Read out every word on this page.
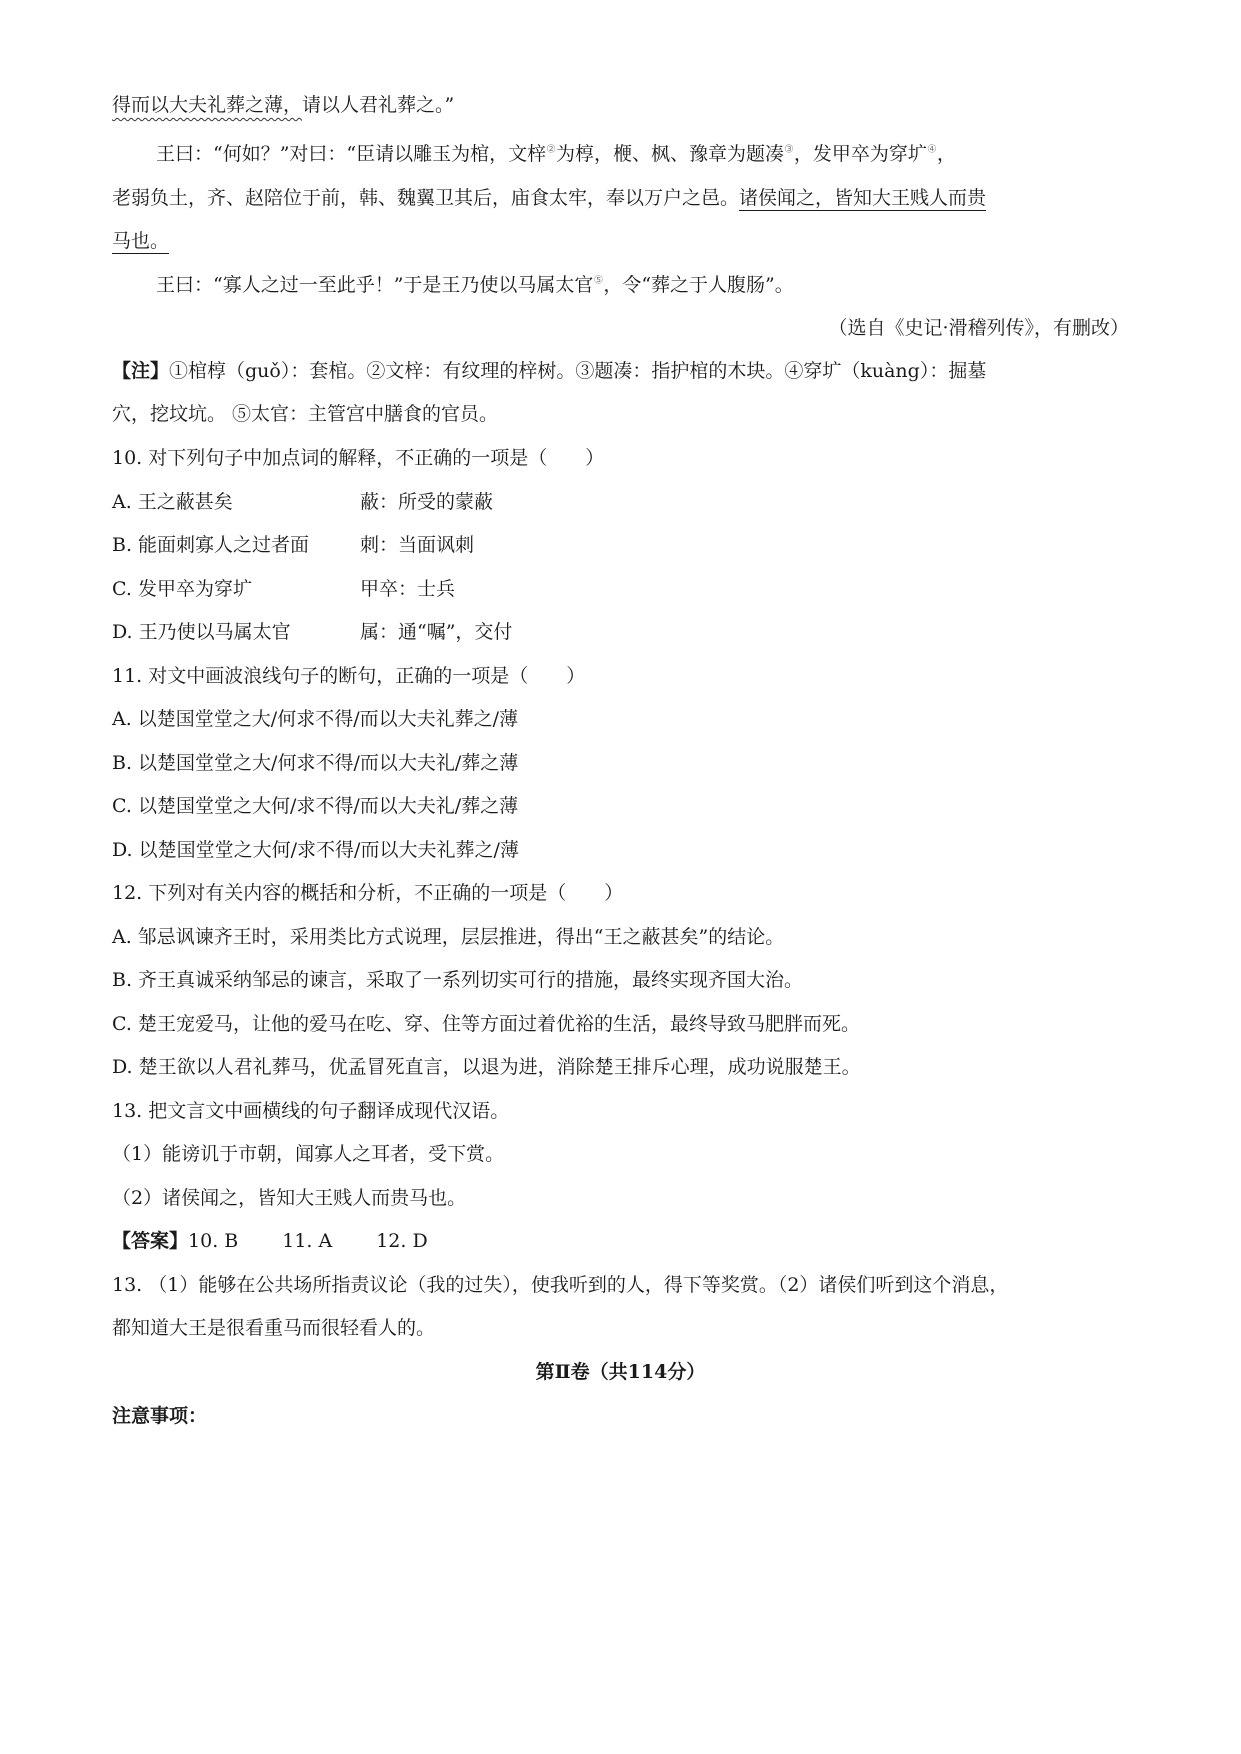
得而以大夫礼葬之薄，请以人君礼葬之。”
王曰：“何如？”对曰：“臣请以雕玉为棺，文梓②为椁，楩、枫、豫章为题凑③，发甲卒为穿圹④，
老弱负土，齐、赵陪位于前，韩、魏翼卫其后，庙食太牢，奉以万户之邑。诸侯闻之，皆知大王贱人而贵
马也。
王曰：“寡人之过一至此乎！”于是王乃使以马属太官⑤，令“葬之于人腹肠”。
（选自《史记·滑稽列传》，有删改）
【注】①棺椁（guǒ）：套棺。②文梓：有纹理的梓树。③题凑：指护棺的木块。④穿圹（kuàng）：掘墓
穴，挖坟坑。 ⑤太官：主管宫中膳食的官员。
10. 对下列句子中加点词的解释，不正确的一项是（　　）
A. 王之蔽甚矣	蔽：所受的蒙蔽
B. 能面刺寡人之过者面	刺：当面讽刺
C. 发甲卒为穿圹	甲卒：士兵
D. 王乃使以马属太官	属：通“嘱”，交付
11. 对文中画波浪线句子的断句，正确的一项是（　　）
A. 以楚国堂堂之大/何求不得/而以大夫礼葬之/薄
B. 以楚国堂堂之大/何求不得/而以大夫礼/葬之薄
C. 以楚国堂堂之大何/求不得/而以大夫礼/葬之薄
D. 以楚国堂堂之大何/求不得/而以大夫礼葬之/薄
12. 下列对有关内容的概括和分析，不正确的一项是（　　）
A. 邹忌讽谏齐王时，采用类比方式说理，层层推进，得出“王之蔽甚矣”的结论。
B. 齐王真诚采纳邹忌的谏言，采取了一系列切实可行的措施，最终实现齐国大治。
C. 楚王宠爱马，让他的爱马在吃、穿、住等方面过着优裕的生活，最终导致马肥胖而死。
D. 楚王欲以人君礼葬马，优孟冒死直言，以退为进，消除楚王排斥心理，成功说服楚王。
13. 把文言文中画横线的句子翻译成现代汉语。
（1）能谤讥于市朝，闻寡人之耳者，受下赏。
（2）诸侯闻之，皆知大王贱人而贵马也。
【答案】10. B 11. A 12. D
13. （1）能够在公共场所指责议论（我的过失），使我听到的人，得下等奖赏。（2）诸侯们听到这个消息，
都知道大王是很看重马而很轻看人的。
第Ⅱ卷（共114分）
注意事项：
